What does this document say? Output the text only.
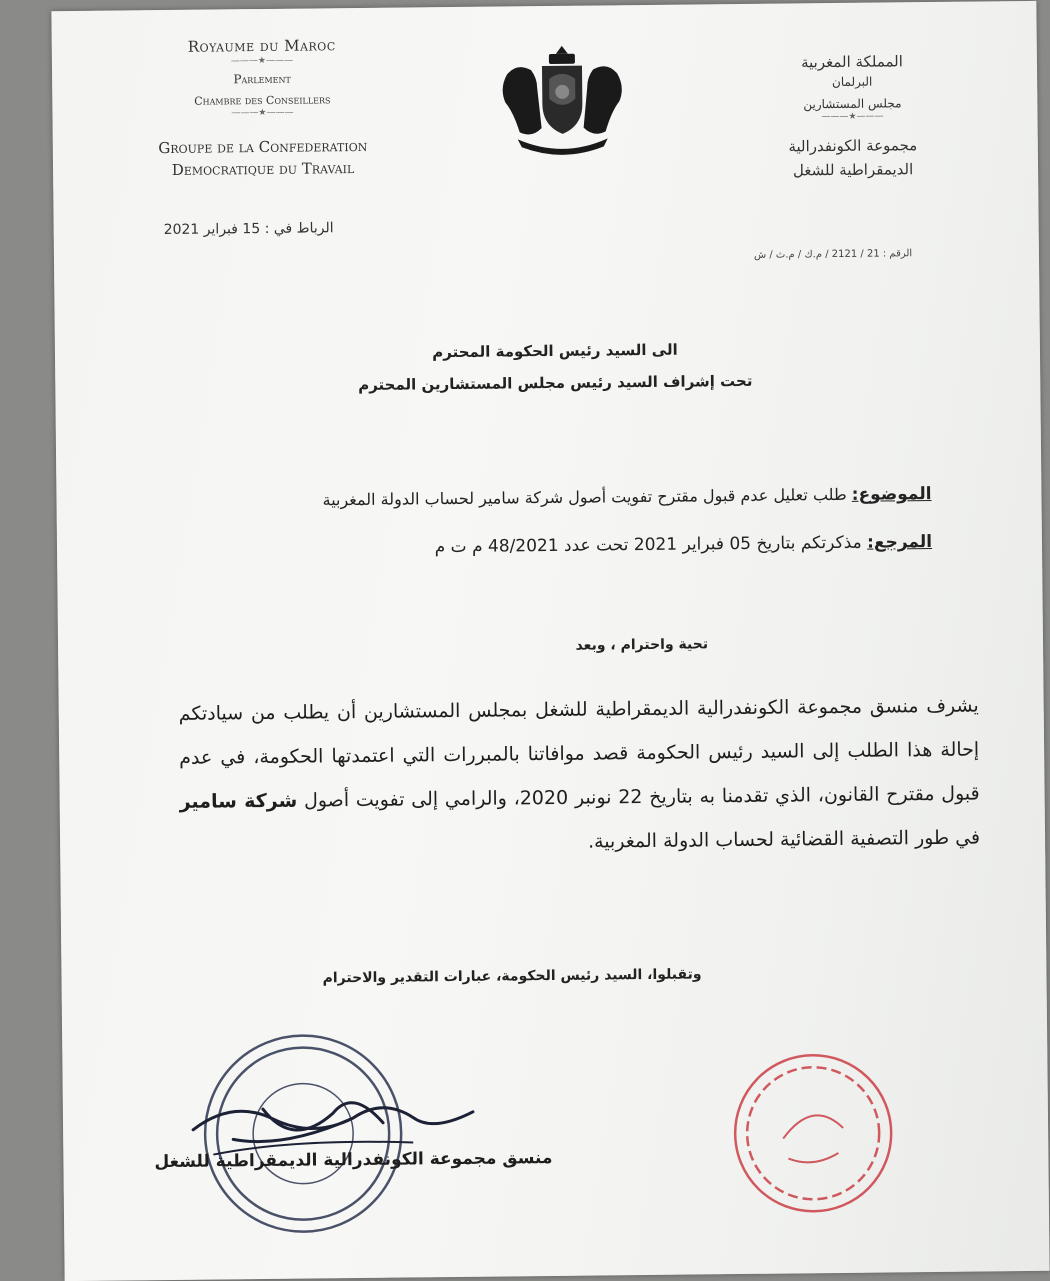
Royaume du Maroc
———★———
Parlement
Chambre des Conseillers
———★———
Groupe de la Confederation
Democratique du Travail
الرباط في : 15 فبراير 2021
المملكة المغربية
البرلمان
مجلس المستشارين
———★———
مجموعة الكونفدرالية
الديمقراطية للشغل
الرقم : 21 / 2121 / م.ك / م.ث / ش
الى السيد رئيس الحكومة المحترم
تحت إشراف السيد رئيس مجلس المستشارين المحترم
الموضوع: طلب تعليل عدم قبول مقترح تفويت أصول شركة سامير لحساب الدولة المغربية
المرجع: مذكرتكم بتاريخ 05 فبراير 2021 تحت عدد 48/2021 م ت م
تحية واحترام ، وبعد
يشرف منسق مجموعة الكونفدرالية الديمقراطية للشغل بمجلس المستشارين أن يطلب من سيادتكم إحالة هذا الطلب إلى السيد رئيس الحكومة قصد موافاتنا بالمبررات التي اعتمدتها الحكومة، في عدم قبول مقترح القانون، الذي تقدمنا به بتاريخ 22 نونبر 2020، والرامي إلى تفويت أصول شركة سامير في طور التصفية القضائية لحساب الدولة المغربية.
وتقبلوا، السيد رئيس الحكومة، عبارات التقدير والاحترام
منسق مجموعة الكونفدرالية الديمقراطية للشغل
